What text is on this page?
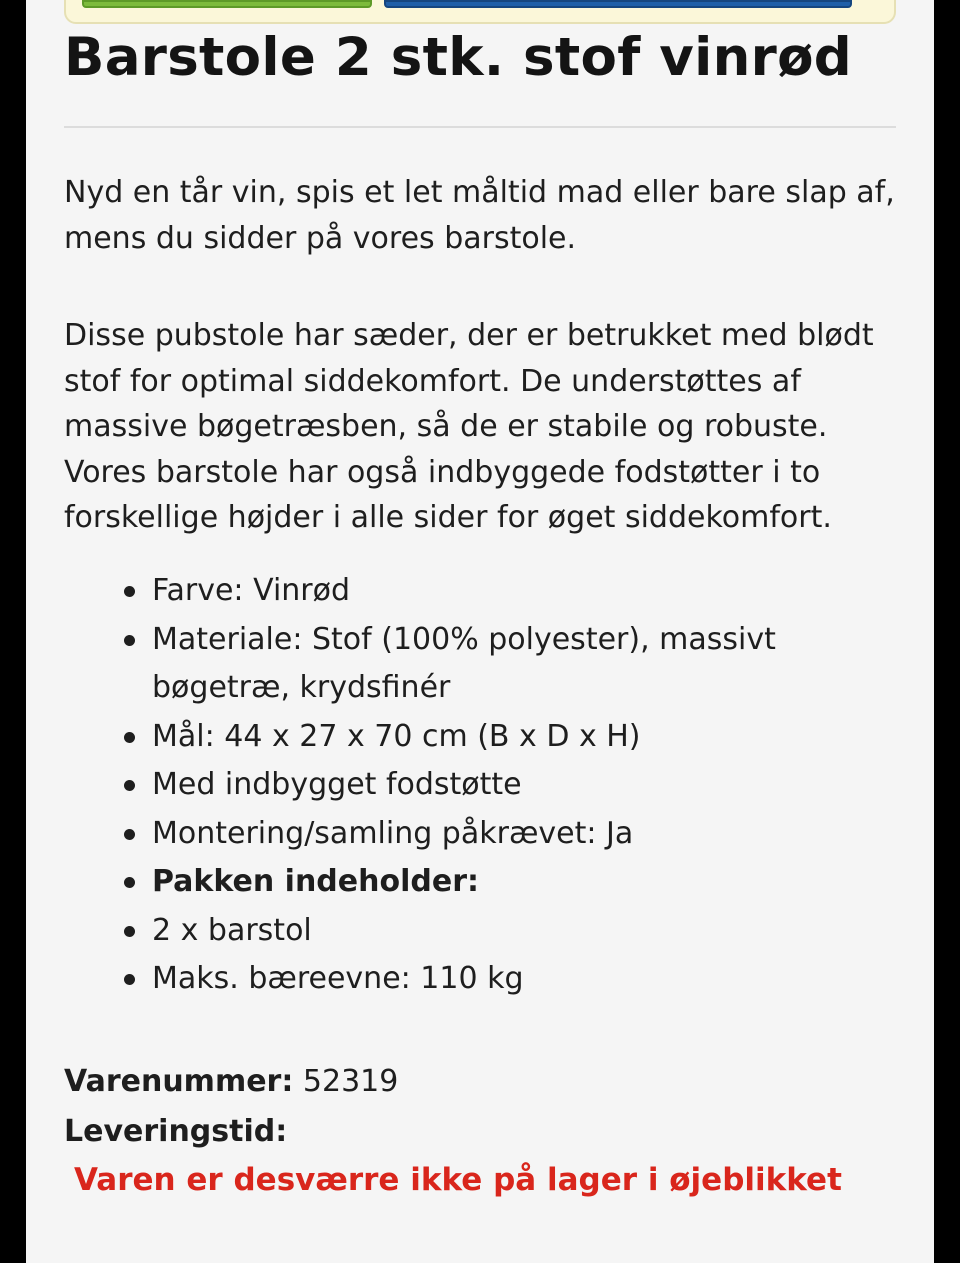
Barstole 2 stk. stof vinrød

Nyd en tår vin, spis et let måltid mad eller bare slap af, mens du sidder på vores barstole.

Disse pubstole har sæder, der er betrukket med blødt stof for optimal siddekomfort. De understøttes af massive bøgetræsben, så de er stabile og robuste. Vores barstole har også indbyggede fodstøtter i to forskellige højder i alle sider for øget siddekomfort.

Farve: Vinrød
Materiale: Stof (100% polyester), massivt bøgetræ, krydsfinér
Mål: 44 x 27 x 70 cm (B x D x H)
Med indbygget fodstøtte
Montering/samling påkrævet: Ja
Pakken indeholder:
2 x barstol
Maks. bæreevne: 110 kg
Varenummer: 52319
Leveringstid:
Varen er desværre ikke på lager i øjeblikket
